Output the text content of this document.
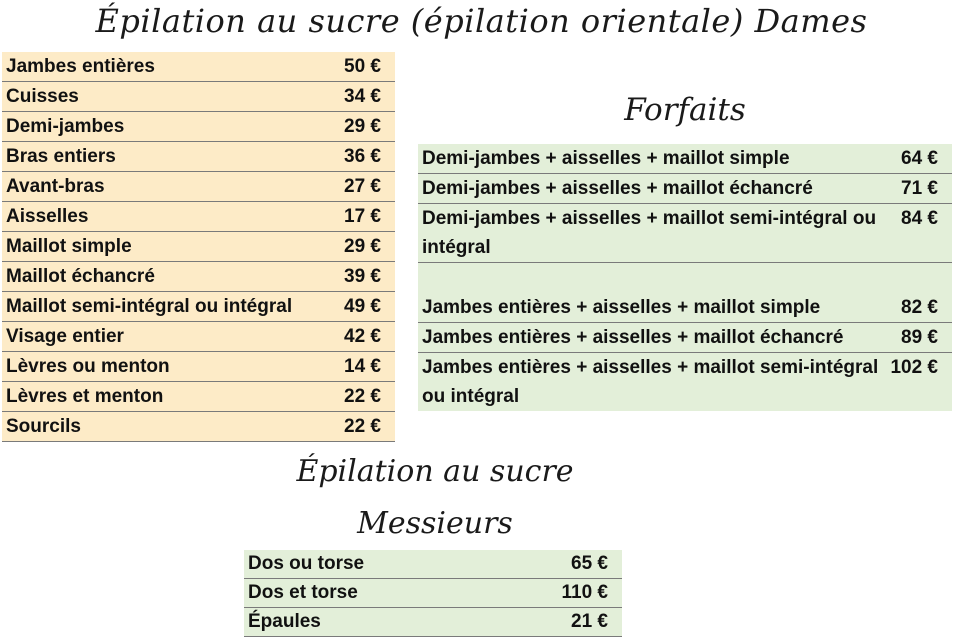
Épilation au sucre (épilation orientale) Dames
Jambes entières	50 €
Cuisses	34 €
Demi-jambes	29 €
Bras entiers	36 €
Avant-bras	27 €
Aisselles	17 €
Maillot simple	29 €
Maillot échancré	39 €
Maillot semi-intégral ou intégral	49 €
Visage entier	42 €
Lèvres ou menton	14 €
Lèvres et menton	22 €
Sourcils	22 €
Forfaits
Demi-jambes + aisselles + maillot simple	64 €
Demi-jambes + aisselles + maillot échancré	71 €
Demi-jambes + aisselles + maillot semi-intégral ou intégral	84 €

Jambes entières + aisselles + maillot simple	82 €
Jambes entières + aisselles + maillot échancré	89 €
Jambes entières + aisselles + maillot semi-intégral ou intégral	102 €
Épilation au sucre
Messieurs
Dos ou torse	65 €
Dos et torse	110 €
Épaules	21 €
